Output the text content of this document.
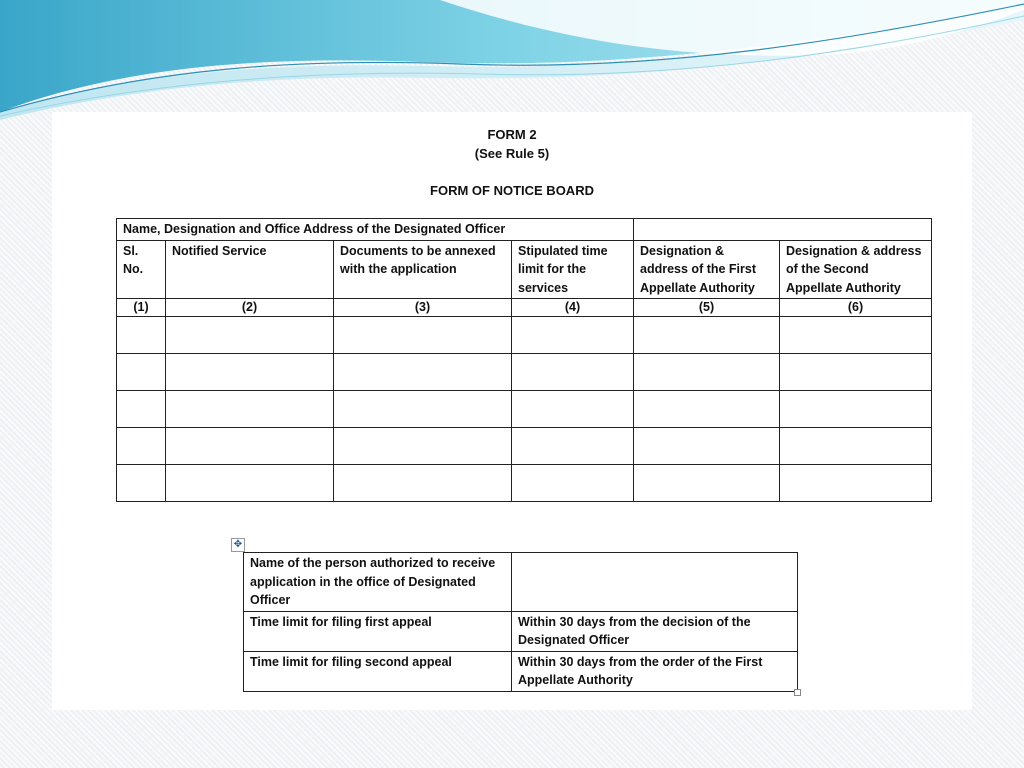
FORM 2
(See Rule 5)
FORM OF NOTICE BOARD
Name, Designation and Office Address of the Designated Officer					
Sl.
No.	Notified Service	Documents to be annexed with the application	Stipulated time limit for the services	Designation & address of the First Appellate Authority	Designation & address of the Second Appellate Authority
(1)	(2)	(3)	(4)	(5)	(6)

✥
Name of the person authorized to receive application in the office of Designated Officer	
Time limit for filing first appeal	Within 30 days from the decision of the Designated Officer
Time limit for filing second appeal	Within 30 days from the order of the First Appellate Authority
